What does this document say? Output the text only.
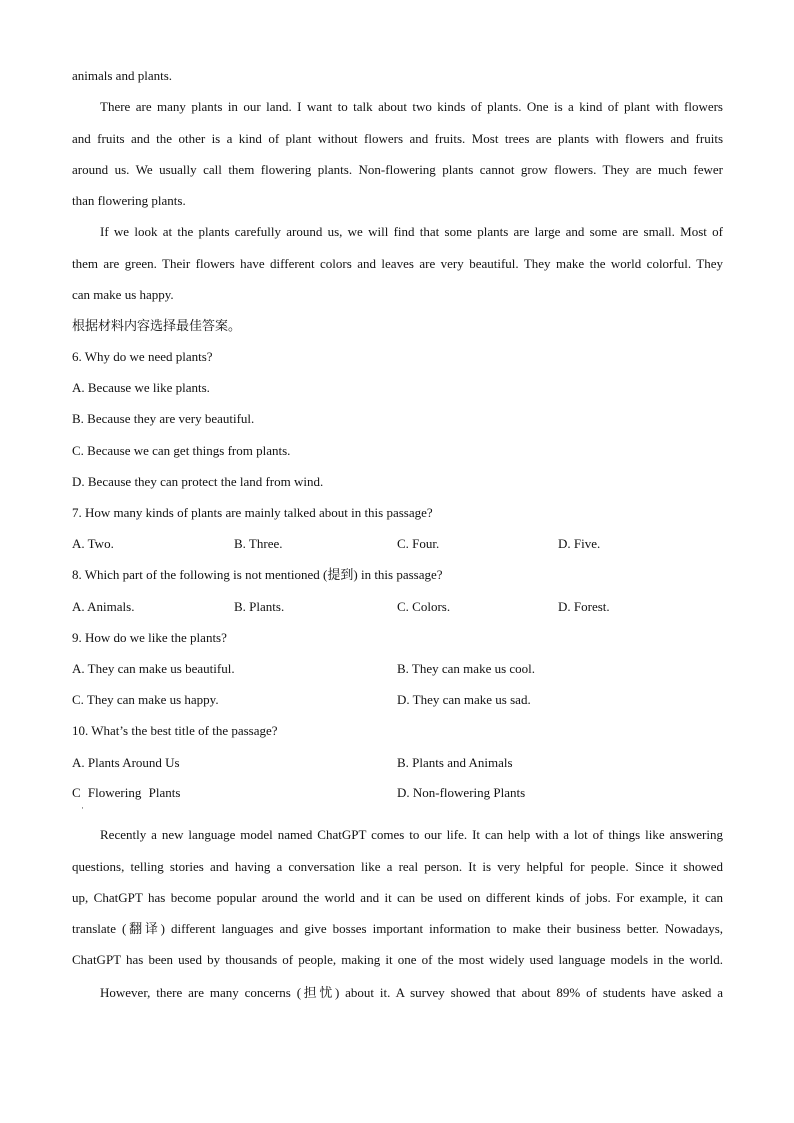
animals and plants.
There are many plants in our land. I want to talk about two kinds of plants. One is a kind of plant with flowers
and fruits and the other is a kind of plant without flowers and fruits. Most trees are plants with flowers and fruits
around us. We usually call them flowering plants. Non-flowering plants cannot grow flowers. They are much fewer
than flowering plants.
If we look at the plants carefully around us, we will find that some plants are large and some are small. Most of
them are green. Their flowers have different colors and leaves are very beautiful. They make the world colorful. They
can make us happy.
根据材料内容选择最佳答案。
6. Why do we need plants?
A. Because we like plants.
B. Because they are very beautiful.
C. Because we can get things from plants.
D. Because they can protect the land from wind.
7. How many kinds of plants are mainly talked about in this passage?
A. Two.	B. Three.	C. Four.	D. Five.
8. Which part of the following is not mentioned (提到) in this passage?
A. Animals.	B. Plants.	C. Colors.	D. Forest.
9. How do we like the plants?
A. They can make us beautiful.	B. They can make us cool.
C. They can make us happy.	D. They can make us sad.
10. What’s the best title of the passage?
A. Plants Around Us	B. Plants and Animals
C Flowering Plants	D. Non-flowering Plants
·
Recently a new language model named ChatGPT comes to our life. It can help with a lot of things like answering
questions, telling stories and having a conversation like a real person. It is very helpful for people. Since it showed
up, ChatGPT has become popular around the world and it can be used on different kinds of jobs. For example, it can
translate (翻译) different languages and give bosses important information to make their business better. Nowadays,
ChatGPT has been used by thousands of people, making it one of the most widely used language models in the world.
However, there are many concerns (担忧) about it. A survey showed that about 89% of students have asked a
